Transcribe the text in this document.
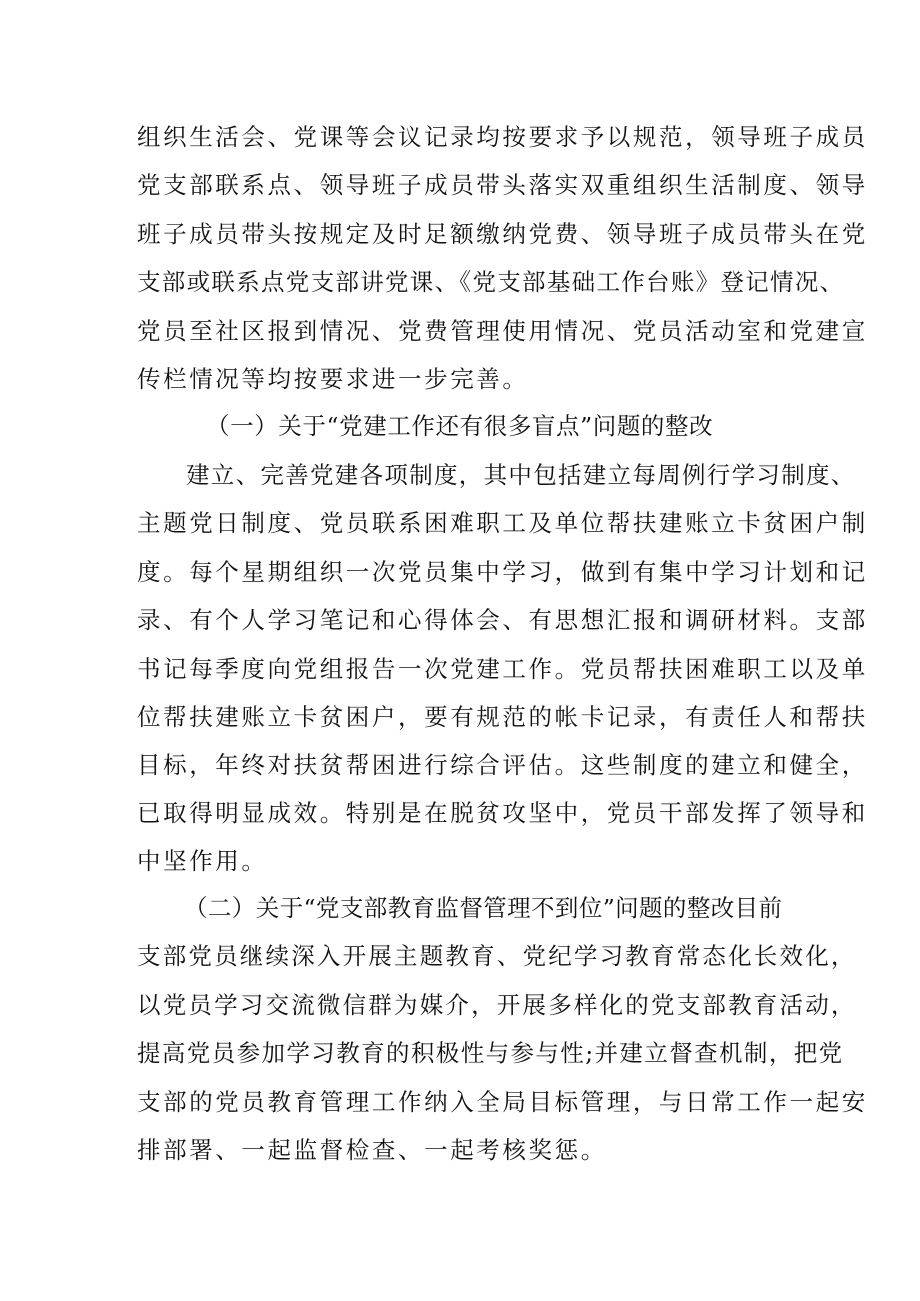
组织生活会、党课等会议记录均按要求予以规范，领导班子成员
党支部联系点、领导班子成员带头落实双重组织生活制度、领导
班子成员带头按规定及时足额缴纳党费、领导班子成员带头在党
支部或联系点党支部讲党课、《党支部基础工作台账》登记情况、
党员至社区报到情况、党费管理使用情况、党员活动室和党建宣
传栏情况等均按要求进一步完善。
（一）关于“党建工作还有很多盲点”问题的整改
建立、完善党建各项制度，其中包括建立每周例行学习制度、
主题党日制度、党员联系困难职工及单位帮扶建账立卡贫困户制
度。每个星期组织一次党员集中学习，做到有集中学习计划和记
录、有个人学习笔记和心得体会、有思想汇报和调研材料。支部
书记每季度向党组报告一次党建工作。党员帮扶困难职工以及单
位帮扶建账立卡贫困户，要有规范的帐卡记录，有责任人和帮扶
目标，年终对扶贫帮困进行综合评估。这些制度的建立和健全，
已取得明显成效。特别是在脱贫攻坚中，党员干部发挥了领导和
中坚作用。
（二）关于“党支部教育监督管理不到位”问题的整改目前
支部党员继续深入开展主题教育、党纪学习教育常态化长效化，
以党员学习交流微信群为媒介，开展多样化的党支部教育活动，
提高党员参加学习教育的积极性与参与性;并建立督查机制，把党
支部的党员教育管理工作纳入全局目标管理，与日常工作一起安
排部署、一起监督检查、一起考核奖惩。
